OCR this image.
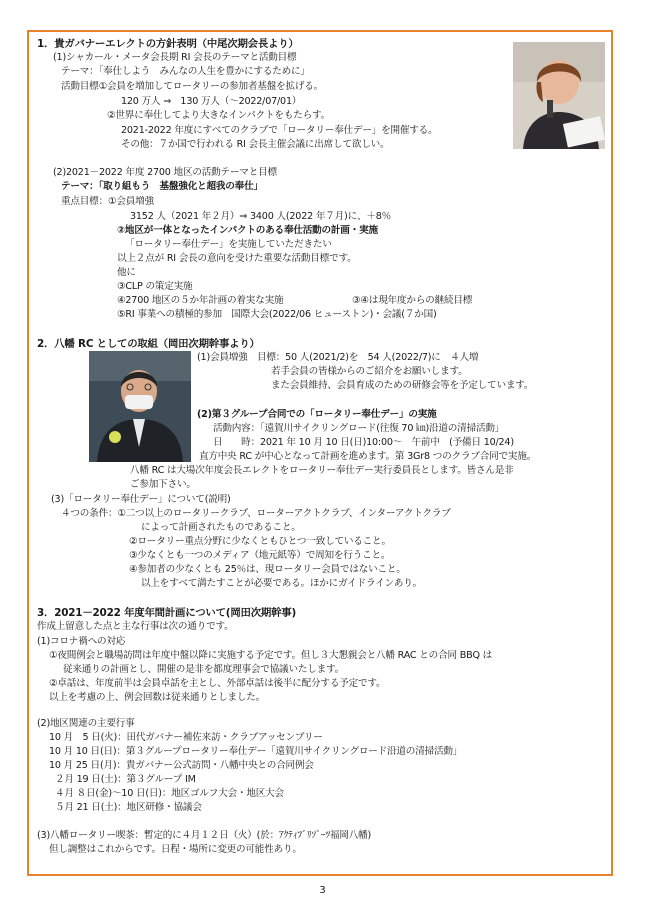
1．貴ガバナーエレクトの方針表明（中尾次期会長より）
(1)シャカール・メータ会長期 RI 会長のテーマと活動目標
テーマ：「奉仕しよう　みんなの人生を豊かにするために」
活動目標①会員を増加してロータリーの参加者基盤を拡げる。
120 万人 ⇒　130 万人（～2022/07/01）
②世界に奉仕してより大きなインパクトをもたらす。
2021-2022 年度にすべてのクラブで「ロータリー奉仕デー」を開催する。
その他：７か国で行われる RI 会長主催会議に出席して欲しい。
(2)2021－2022 年度 2700 地区の活動テーマと目標
テーマ：「取り組もう　基盤強化と超我の奉仕」
重点目標：①会員増強
3152 人（2021 年２月）⇒ 3400 人(2022 年７月)に、＋8％
②地区が一体となったインパクトのある奉仕活動の計画・実施
「ロータリー奉仕デー」を実施していただきたい
以上２点が RI 会長の意向を受けた重要な活動目標です。
他に
③CLP の策定実施
④2700 地区の５か年計画の着実な実施	③④は現年度からの継続目標
⑤RI 事業への積極的参加　国際大会(2022/06 ヒューストン)・会議(７か国)
2．八幡 RC としての取組（岡田次期幹事より）
(1)会員増強　目標：50 人(2021/2)を　54 人(2022/7)に　４人増
若手会員の皆様からのご紹介をお願いします。
また会員維持、会員育成のための研修会等を予定しています。
(2)第３グループ合同での「ロータリー奉仕デー」の実施
活動内容：「遠賀川サイクリングロード(往復 70 ㎞)沿道の清掃活動」
日　　時：2021 年 10 月 10 日(日)10:00～　午前中　(予備日 10/24)
直方中央 RC が中心となって計画を進めます。第 3Gr8 つのクラブ合同で実施。
八幡 RC は大場次年度会長エレクトをロータリー奉仕デー実行委員長とします。皆さん是非
ご参加下さい。
(3)「ロータリー奉仕デー」について(説明)
４つの条件：①二つ以上のロータリークラブ、ローターアクトクラブ、インターアクトクラブ
によって計画されたものであること。
②ロータリー重点分野に少なくともひとつ一致していること。
③少なくとも一つのメディア（地元紙等）で周知を行うこと。
④参加者の少なくとも 25％は、現ロータリー会員ではないこと。
以上をすべて満たすことが必要である。ほかにガイドラインあり。
3．2021－2022 年度年間計画について(岡田次期幹事)
作成上留意した点と主な行事は次の通りです。
(1)コロナ禍への対応
①夜間例会と職場訪問は年度中盤以降に実施する予定です。但し３大懇親会と八幡 RAC との合同 BBQ は
従来通りの計画とし、開催の是非を都度理事会で協議いたします。
②卓話は、年度前半は会員卓話を主とし、外部卓話は後半に配分する予定です。
以上を考慮の上、例会回数は従来通りとしました。
(2)地区関連の主要行事
10 月　5 日(火)：田代ガバナー補佐来訪・クラブアッセンブリー
10 月 10 日(日)：第３グループロータリー奉仕デー「遠賀川サイクリングロード沿道の清掃活動」
10 月 25 日(月)：貴ガバナー公式訪問・八幡中央との合同例会
２月 19 日(土)：第３グループ IM
４月 ８日(金)～10 日(日)：地区ゴルフ大会・地区大会
５月 21 日(土)：地区研修・協議会
(3)八幡ロータリー喫茶：暫定的に４月１２日（火）(於：ｱｸﾃｨﾌﾞﾘｿﾞｰﾂ福岡八幡)
但し調整はこれからです。日程・場所に変更の可能性あり。
3
